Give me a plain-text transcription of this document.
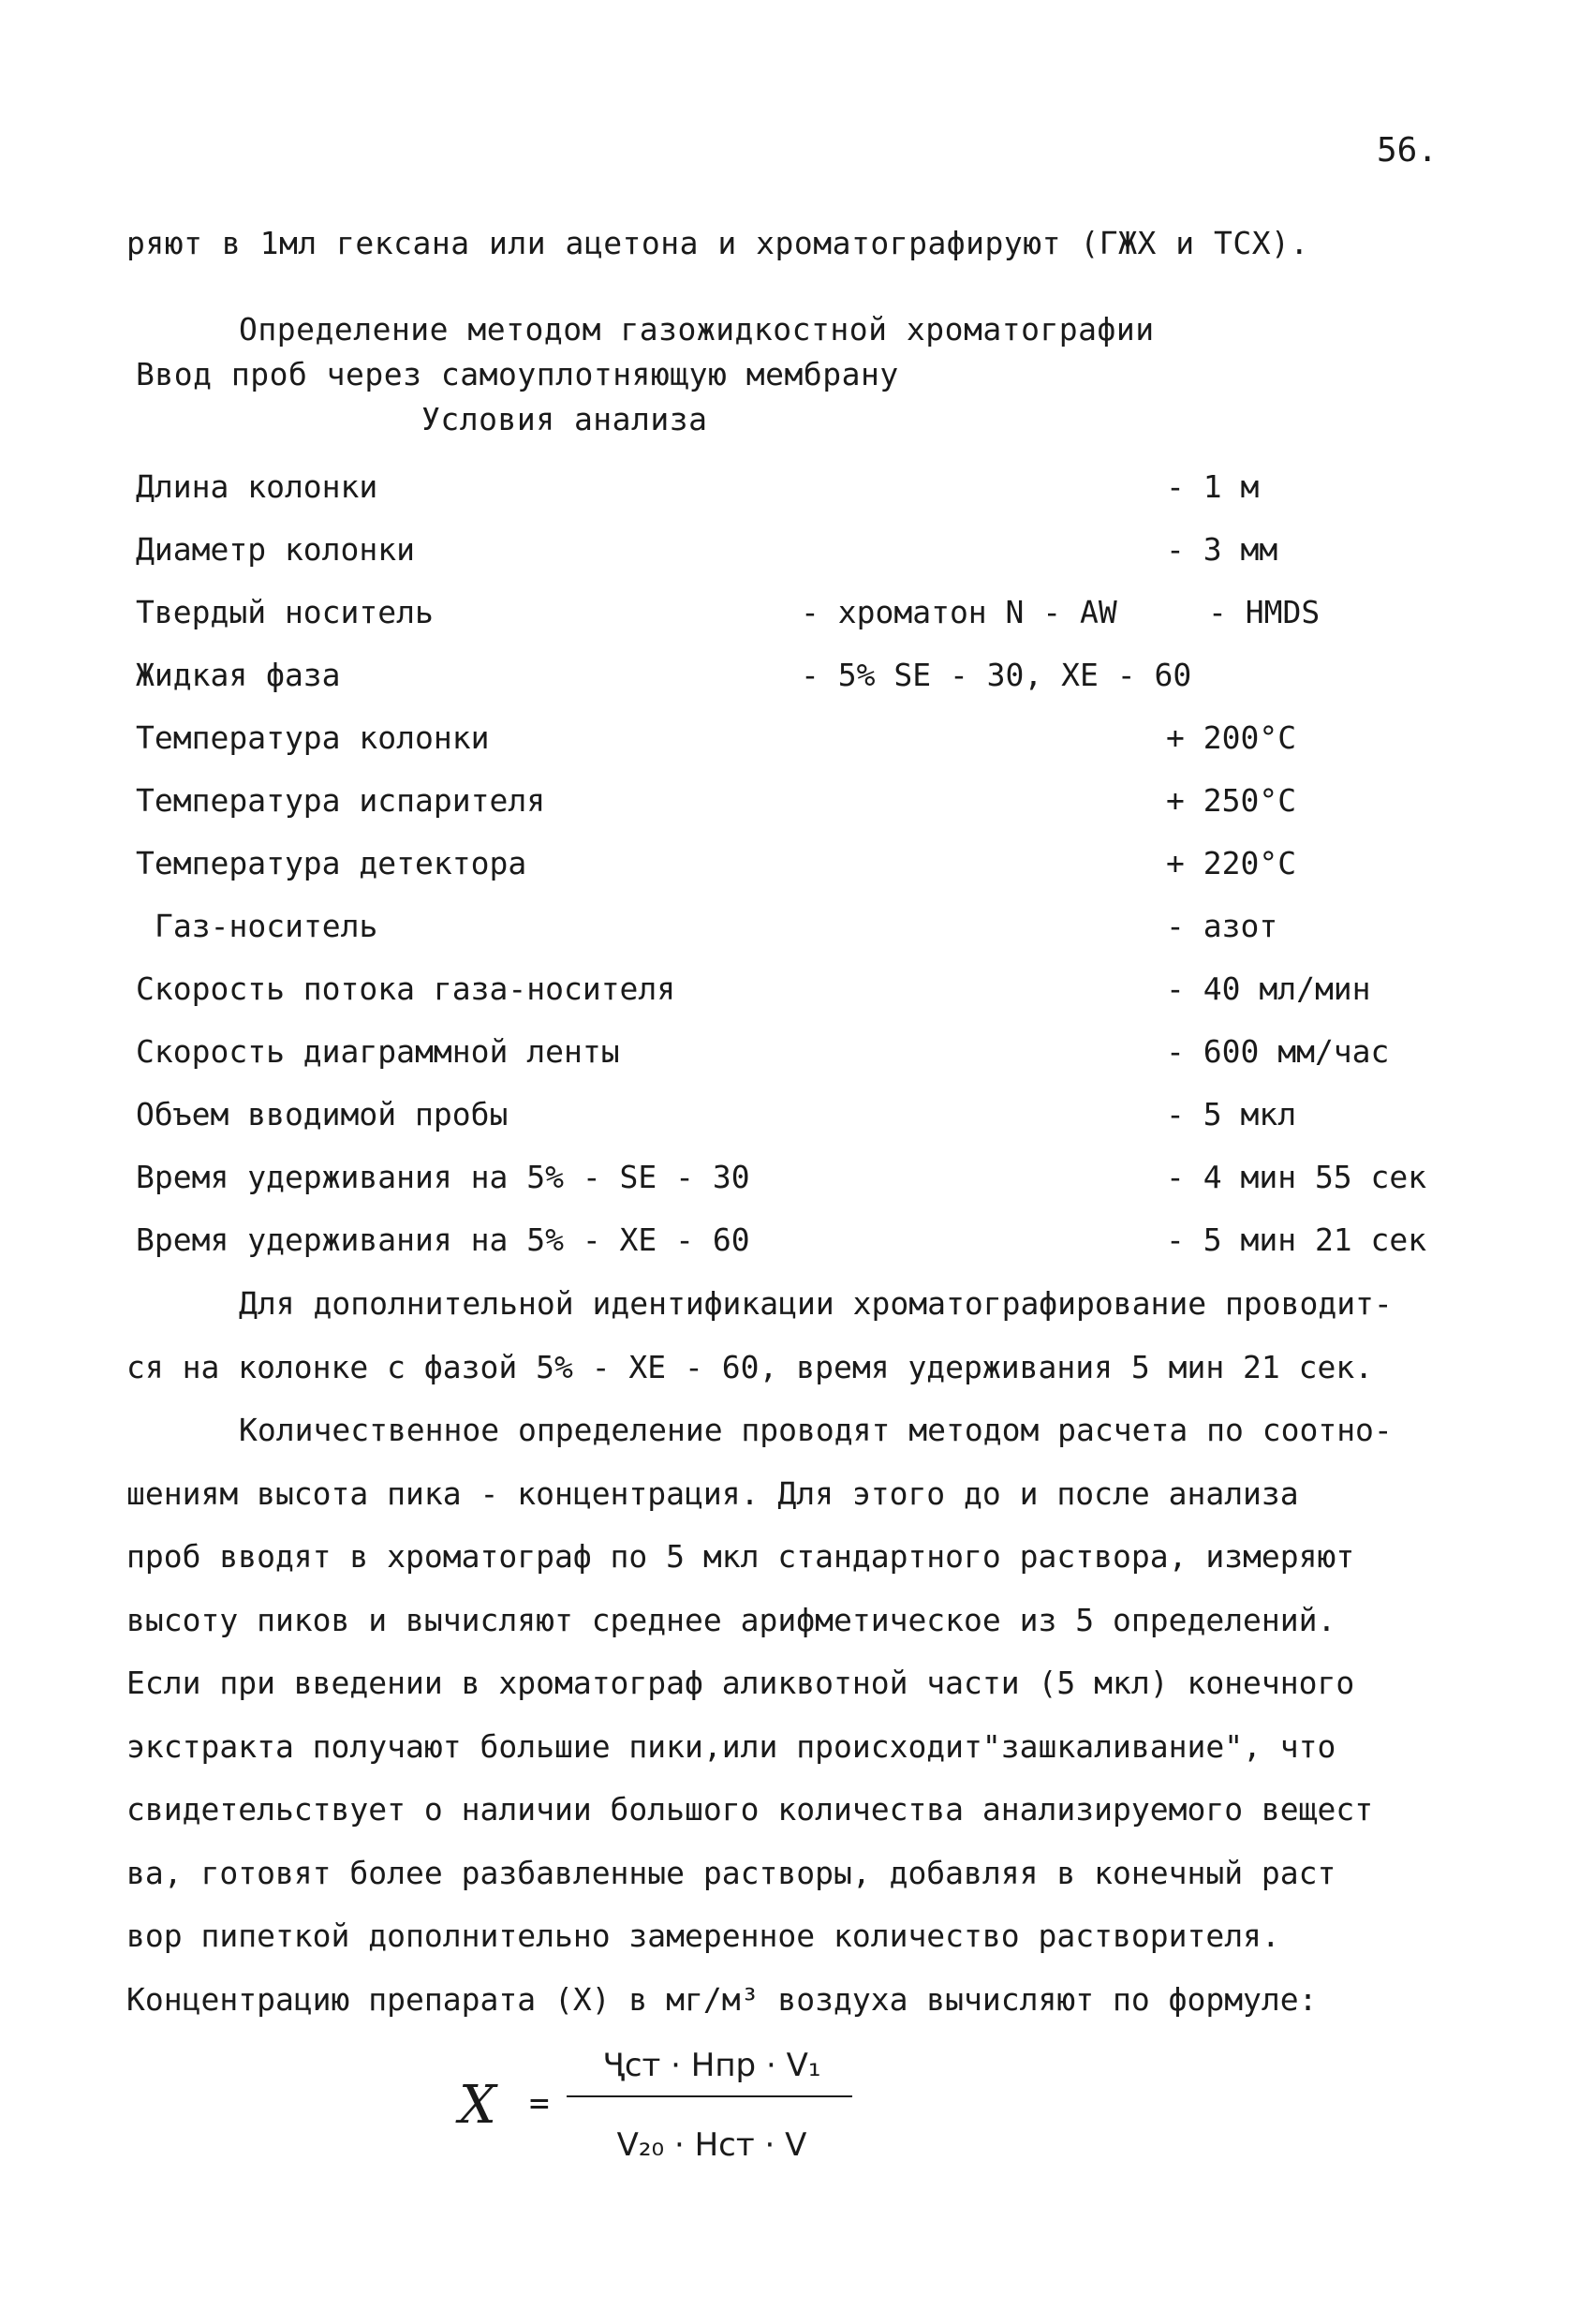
56.
ряют в 1мл гексана или ацетона и хроматографируют (ГЖХ и ТСХ).
Определение методом газожидкостной хроматографии
Ввод проб через самоуплотняющую мембрану
Условия анализа
Длина колонки	- 1 м
Диаметр колонки	- 3 мм
Твердый носитель	- хроматон N - AW	- HMDS
Жидкая фаза	- 5% SE - 30, XE - 60
Температура колонки	+ 200°C
Температура испарителя	+ 250°C
Температура детектора	+ 220°C
Газ-носитель	- азот
Скорость потока газа-носителя	- 40 мл/мин
Скорость диаграммной ленты	- 600 мм/час
Объем вводимой пробы	- 5 мкл
Время удерживания на 5% - SE - 30	- 4 мин 55 сек
Время удерживания на 5% - XE - 60	- 5 мин 21 сек
Для дополнительной идентификации хроматографирование проводит-
ся на колонке с фазой 5% - XE - 60, время удерживания 5 мин 21 сек.
Количественное определение проводят методом расчета по соотно-
шениям высота пика - концентрация. Для этого до и после анализа
проб вводят в хроматограф по 5 мкл стандартного раствора, измеряют
высоту пиков и вычисляют среднее арифметическое из 5 определений.
Если при введении в хроматограф аликвотной части (5 мкл) конечного
экстракта получают большие пики,или происходит"зашкаливание", что
свидетельствует о наличии большого количества анализируемого вещест
ва, готовят более разбавленные растворы, добавляя в конечный раст
вор пипеткой дополнительно замеренное количество растворителя.
Концентрацию препарата (X) в мг/м³ воздуха вычисляют по формуле:
X =
Ҷст · Hпр · V₁
V₂₀ · Hст · V
